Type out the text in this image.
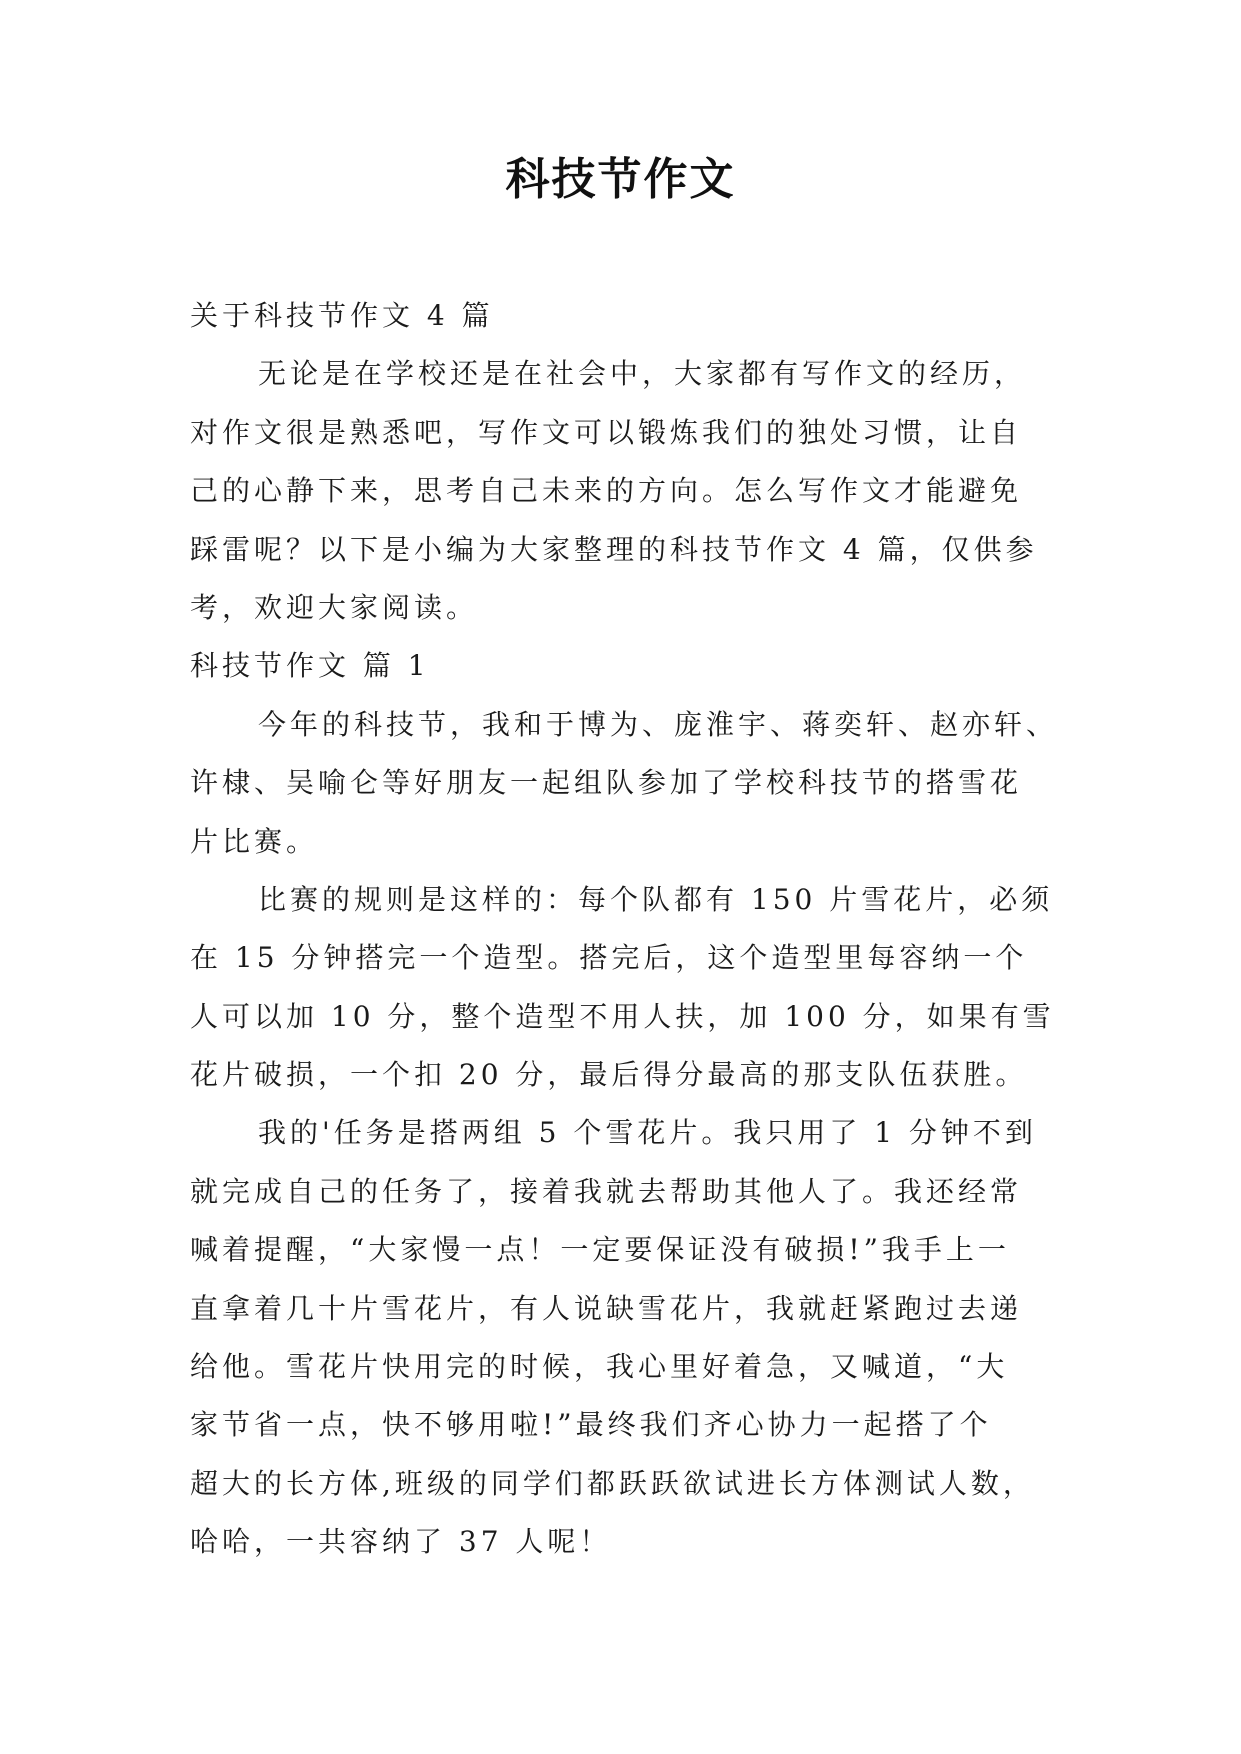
科技节作文
关于科技节作文 4 篇
无论是在学校还是在社会中，大家都有写作文的经历，
对作文很是熟悉吧，写作文可以锻炼我们的独处习惯，让自
己的心静下来，思考自己未来的方向。怎么写作文才能避免
踩雷呢？以下是小编为大家整理的科技节作文 4 篇，仅供参
考，欢迎大家阅读。
科技节作文 篇 1
今年的科技节，我和于博为、庞淮宇、蒋奕轩、赵亦轩、
许棣、吴喻仑等好朋友一起组队参加了学校科技节的搭雪花
片比赛。
比赛的规则是这样的：每个队都有 150 片雪花片，必须
在 15 分钟搭完一个造型。搭完后，这个造型里每容纳一个
人可以加 10 分，整个造型不用人扶，加 100 分，如果有雪
花片破损，一个扣 20 分，最后得分最高的那支队伍获胜。
我的'任务是搭两组 5 个雪花片。我只用了 1 分钟不到
就完成自己的任务了，接着我就去帮助其他人了。我还经常
喊着提醒，“大家慢一点！一定要保证没有破损!”我手上一
直拿着几十片雪花片，有人说缺雪花片，我就赶紧跑过去递
给他。雪花片快用完的时候，我心里好着急，又喊道，“大
家节省一点，快不够用啦!”最终我们齐心协力一起搭了个
超大的长方体,班级的同学们都跃跃欲试进长方体测试人数，
哈哈，一共容纳了 37 人呢！
